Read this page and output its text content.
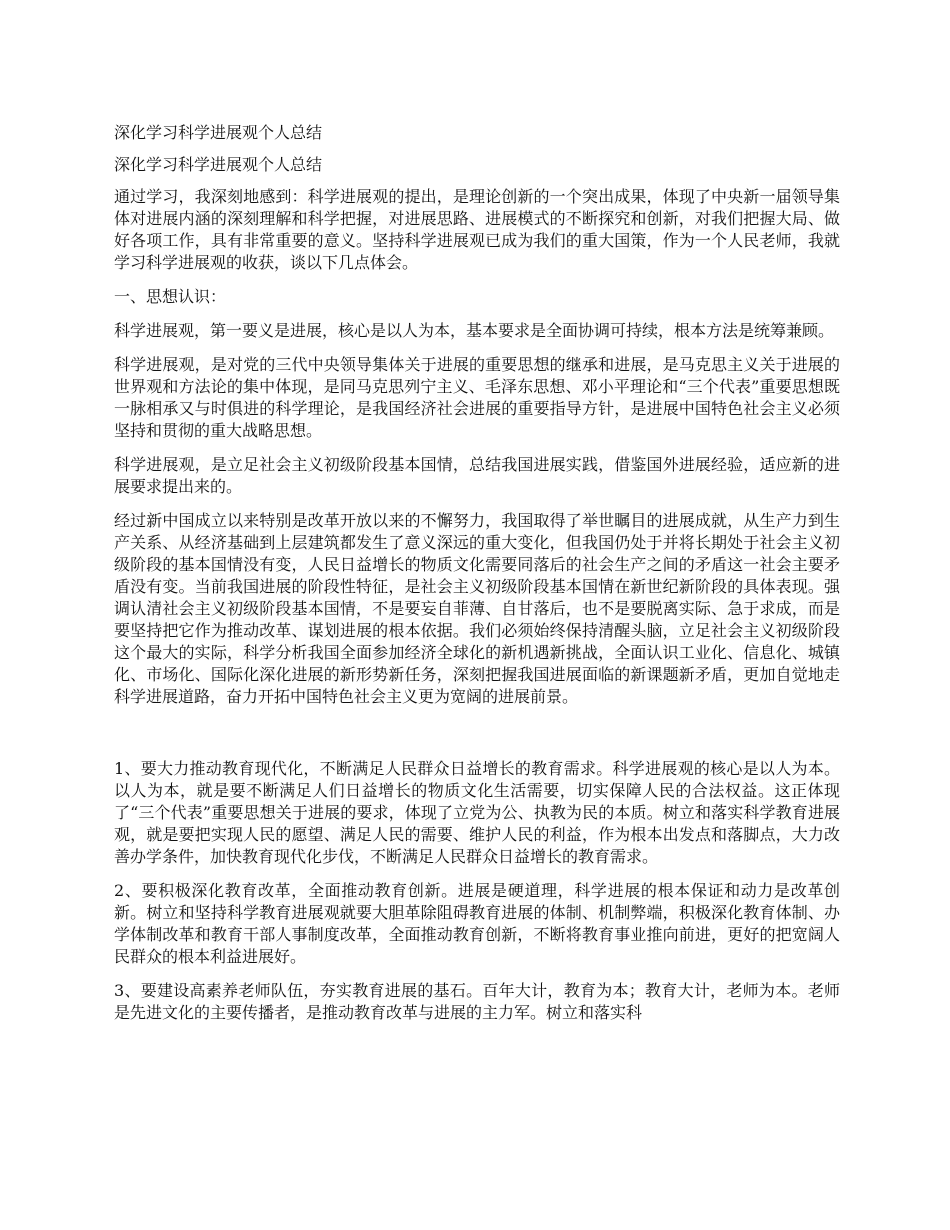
深化学习科学进展观个人总结

深化学习科学进展观个人总结

通过学习，我深刻地感到：科学进展观的提出，是理论创新的一个突出成果，体现了中央新一届领导集体对进展内涵的深刻理解和科学把握，对进展思路、进展模式的不断探究和创新，对我们把握大局、做好各项工作，具有非常重要的意义。坚持科学进展观已成为我们的重大国策，作为一个人民老师，我就学习科学进展观的收获，谈以下几点体会。

一、思想认识：

科学进展观，第一要义是进展，核心是以人为本，基本要求是全面协调可持续，根本方法是统筹兼顾。

科学进展观，是对党的三代中央领导集体关于进展的重要思想的继承和进展，是马克思主义关于进展的世界观和方法论的集中体现，是同马克思列宁主义、毛泽东思想、邓小平理论和“三个代表”重要思想既一脉相承又与时俱进的科学理论，是我国经济社会进展的重要指导方针，是进展中国特色社会主义必须坚持和贯彻的重大战略思想。

科学进展观，是立足社会主义初级阶段基本国情，总结我国进展实践，借鉴国外进展经验，适应新的进展要求提出来的。

经过新中国成立以来特别是改革开放以来的不懈努力，我国取得了举世瞩目的进展成就，从生产力到生产关系、从经济基础到上层建筑都发生了意义深远的重大变化，但我国仍处于并将长期处于社会主义初级阶段的基本国情没有变，人民日益增长的物质文化需要同落后的社会生产之间的矛盾这一社会主要矛盾没有变。当前我国进展的阶段性特征，是社会主义初级阶段基本国情在新世纪新阶段的具体表现。强调认清社会主义初级阶段基本国情，不是要妄自菲薄、自甘落后，也不是要脱离实际、急于求成，而是要坚持把它作为推动改革、谋划进展的根本依据。我们必须始终保持清醒头脑，立足社会主义初级阶段这个最大的实际，科学分析我国全面参加经济全球化的新机遇新挑战，全面认识工业化、信息化、城镇化、市场化、国际化深化进展的新形势新任务，深刻把握我国进展面临的新课题新矛盾，更加自觉地走科学进展道路，奋力开拓中国特色社会主义更为宽阔的进展前景。

1、要大力推动教育现代化，不断满足人民群众日益增长的教育需求。科学进展观的核心是以人为本。以人为本，就是要不断满足人们日益增长的物质文化生活需要，切实保障人民的合法权益。这正体现了“三个代表”重要思想关于进展的要求，体现了立党为公、执教为民的本质。树立和落实科学教育进展观，就是要把实现人民的愿望、满足人民的需要、维护人民的利益，作为根本出发点和落脚点，大力改善办学条件，加快教育现代化步伐，不断满足人民群众日益增长的教育需求。

2、要积极深化教育改革，全面推动教育创新。进展是硬道理，科学进展的根本保证和动力是改革创新。树立和坚持科学教育进展观就要大胆革除阻碍教育进展的体制、机制弊端，积极深化教育体制、办学体制改革和教育干部人事制度改革，全面推动教育创新，不断将教育事业推向前进，更好的把宽阔人民群众的根本利益进展好。

3、要建设高素养老师队伍，夯实教育进展的基石。百年大计，教育为本；教育大计，老师为本。老师是先进文化的主要传播者，是推动教育改革与进展的主力军。树立和落实科
